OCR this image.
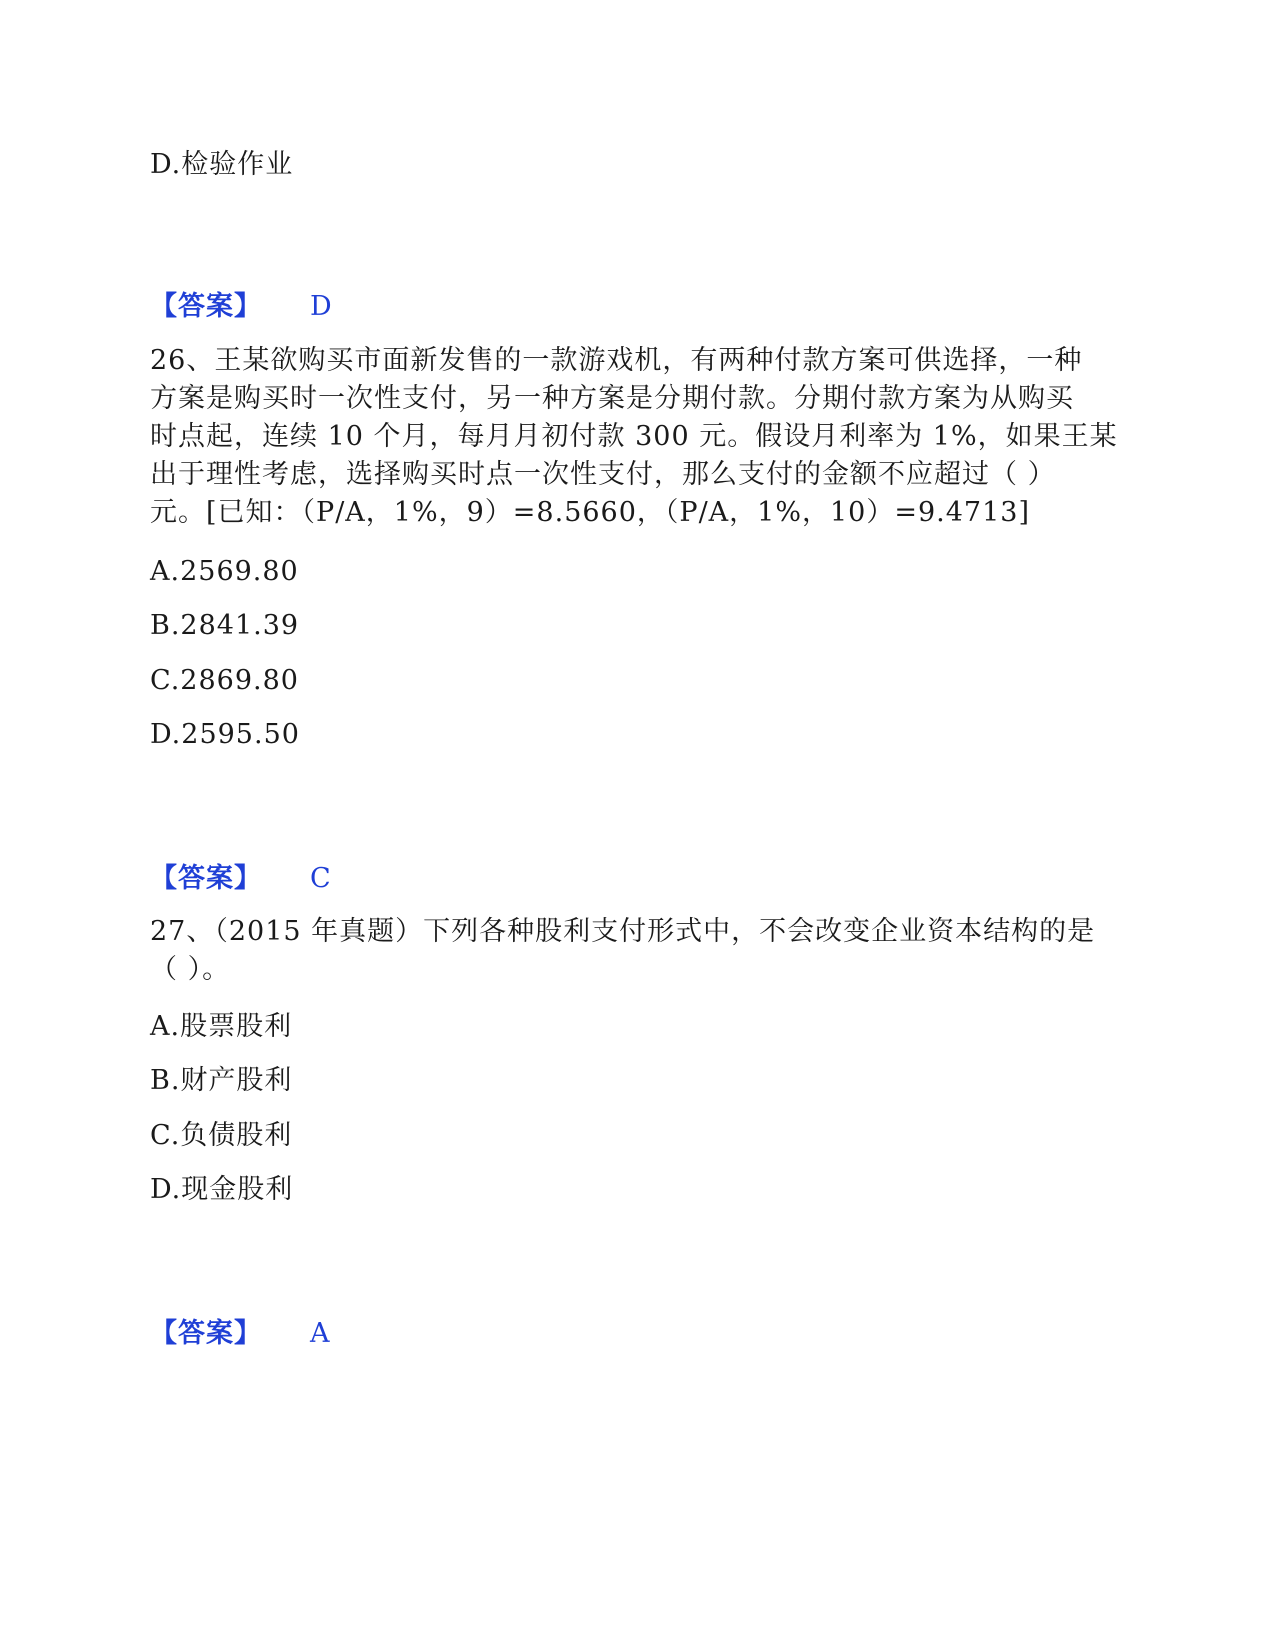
D.检验作业
【答案】 D
26、王某欲购买市面新发售的一款游戏机，有两种付款方案可供选择，一种
方案是购买时一次性支付，另一种方案是分期付款。分期付款方案为从购买
时点起，连续 10 个月，每月月初付款 300 元。假设月利率为 1%，如果王某
出于理性考虑，选择购买时点一次性支付，那么支付的金额不应超过（ ）
元。[已知：（P/A，1%，9）=8.5660，（P/A，1%，10）=9.4713]
A.2569.80
B.2841.39
C.2869.80
D.2595.50
【答案】 C
27、（2015 年真题）下列各种股利支付形式中，不会改变企业资本结构的是
（ ）。
A.股票股利
B.财产股利
C.负债股利
D.现金股利
【答案】 A
